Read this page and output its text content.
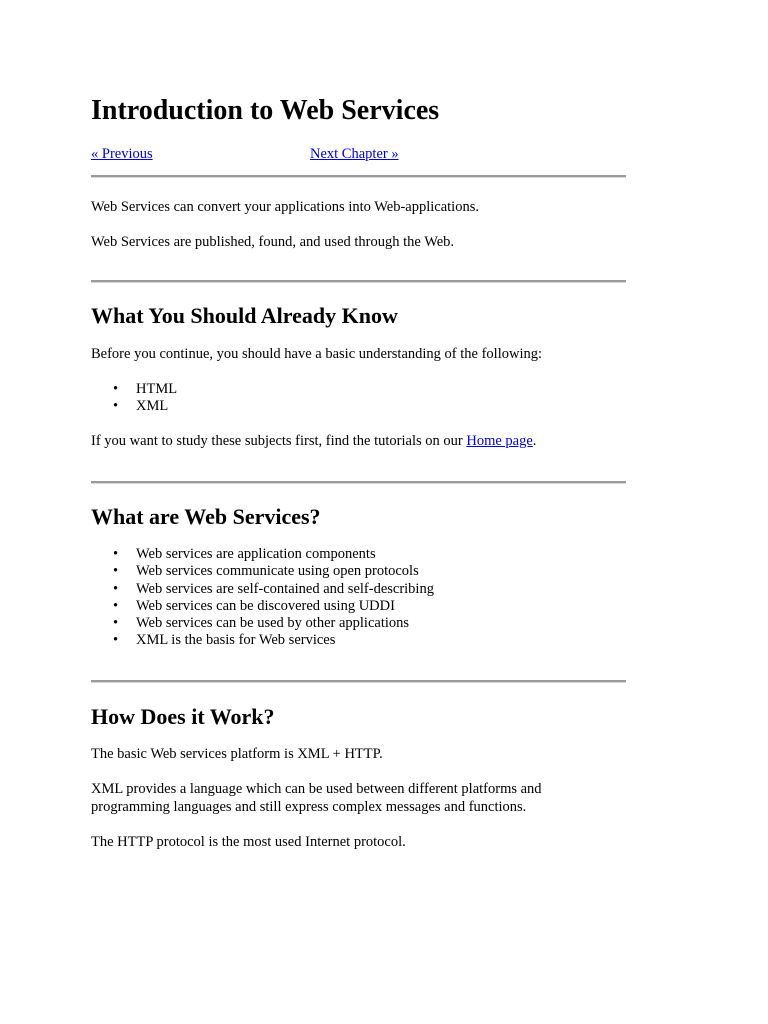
Introduction to Web Services
« Previous	Next Chapter »

Web Services can convert your applications into Web-applications.

Web Services are published, found, and used through the Web.

What You Should Already Know

Before you continue, you should have a basic understanding of the following:

• HTML
• XML

If you want to study these subjects first, find the tutorials on our Home page.

What are Web Services?
• Web services are application components
• Web services communicate using open protocols
• Web services are self-contained and self-describing
• Web services can be discovered using UDDI
• Web services can be used by other applications
• XML is the basis for Web services
How Does it Work?

The basic Web services platform is XML + HTTP.

XML provides a language which can be used between different platforms and

programming languages and still express complex messages and functions.

The HTTP protocol is the most used Internet protocol.
